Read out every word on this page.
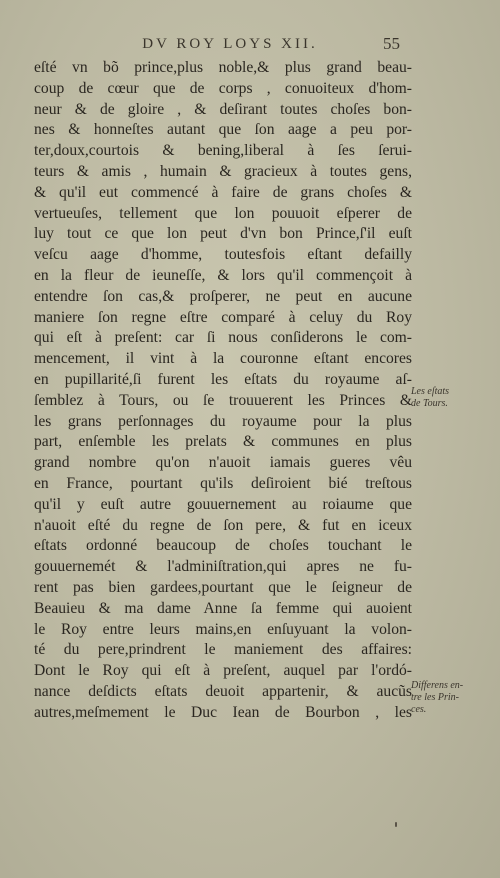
DV ROY LOYS XII.	55
eſté vn bõ prince,plus noble,& plus grand beau-
coup de cœur que de corps , conuoiteux d'hom-
neur & de gloire , & deſirant toutes choſes bon-
nes & honneſtes autant que ſon aage a peu por-
ter,doux,courtois & bening,liberal à ſes ſerui-
teurs & amis , humain & gracieux à toutes gens,
& qu'il eut commencé à faire de grans choſes &
vertueuſes, tellement que lon pouuoit eſperer de
luy tout ce que lon peut d'vn bon Prince,ſ'il euſt
veſcu aage d'homme, toutesfois eſtant defailly
en la fleur de ieuneſſe, & lors qu'il commençoit à
entendre ſon cas,& proſperer, ne peut en aucune
maniere ſon regne eſtre comparé à celuy du Roy
qui eſt à preſent: car ſi nous conſiderons le com-
mencement, il vint à la couronne eſtant encores
en pupillarité,ſi furent les eſtats du royaume aſ-
ſemblez à Tours, ou ſe trouuerent les Princes &
les grans perſonnages du royaume pour la plus
part, enſemble les prelats & communes en plus
grand nombre qu'on n'auoit iamais gueres vêu
en France, pourtant qu'ils deſiroient bié treſtous
qu'il y euſt autre gouuernement au roiaume que
n'auoit eſté du regne de ſon pere, & fut en iceux
eſtats ordonné beaucoup de choſes touchant le
gouuernemét & l'adminiſtration,qui apres ne fu-
rent pas bien gardees,pourtant que le ſeigneur de
Beauieu & ma dame Anne ſa femme qui auoient
le Roy entre leurs mains,en enſuyuant la volon-
té du pere,prindrent le maniement des affaires:
Dont le Roy qui eſt à preſent, auquel par l'ordó-
nance deſdicts eſtats deuoit appartenir, & aucũs
autres,meſmement le Duc Iean de Bourbon , les
Les eſtats
de Tours.
Differens en-
tre les Prin-
ces.
